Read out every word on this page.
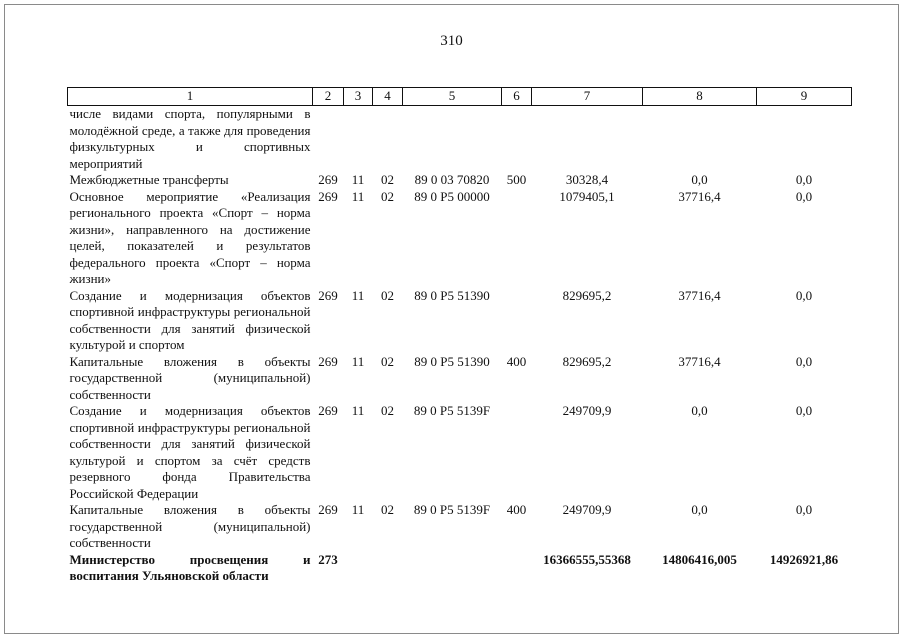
310
1	2	3	4	5	6	7	8	9
числе видами спорта, популярными в молодёжной среде, а также для проведения физкультурных и спортивных мероприятий								
Межбюджетные трансферты	269	11	02	89 0 03 70820	500	30328,4	0,0	0,0
Основное мероприятие «Реализация регионального проекта «Спорт – норма жизни», направленного на достижение целей, показателей и результатов федерального проекта «Спорт – норма жизни»	269	11	02	89 0 P5 00000		1079405,1	37716,4	0,0
Создание и модернизация объектов спортивной инфраструктуры региональной собственности для занятий физической культурой и спортом	269	11	02	89 0 P5 51390		829695,2	37716,4	0,0
Капитальные вложения в объекты государственной (муниципальной) собственности	269	11	02	89 0 P5 51390	400	829695,2	37716,4	0,0
Создание и модернизация объектов спортивной инфраструктуры региональной собственности для занятий физической культурой и спортом за счёт средств резервного фонда Правительства Российской Федерации	269	11	02	89 0 P5 5139F		249709,9	0,0	0,0
Капитальные вложения в объекты государственной (муниципальной) собственности	269	11	02	89 0 P5 5139F	400	249709,9	0,0	0,0
Министерство просвещения и воспитания Ульяновской области	273					16366555,55368	14806416,005	14926921,86
